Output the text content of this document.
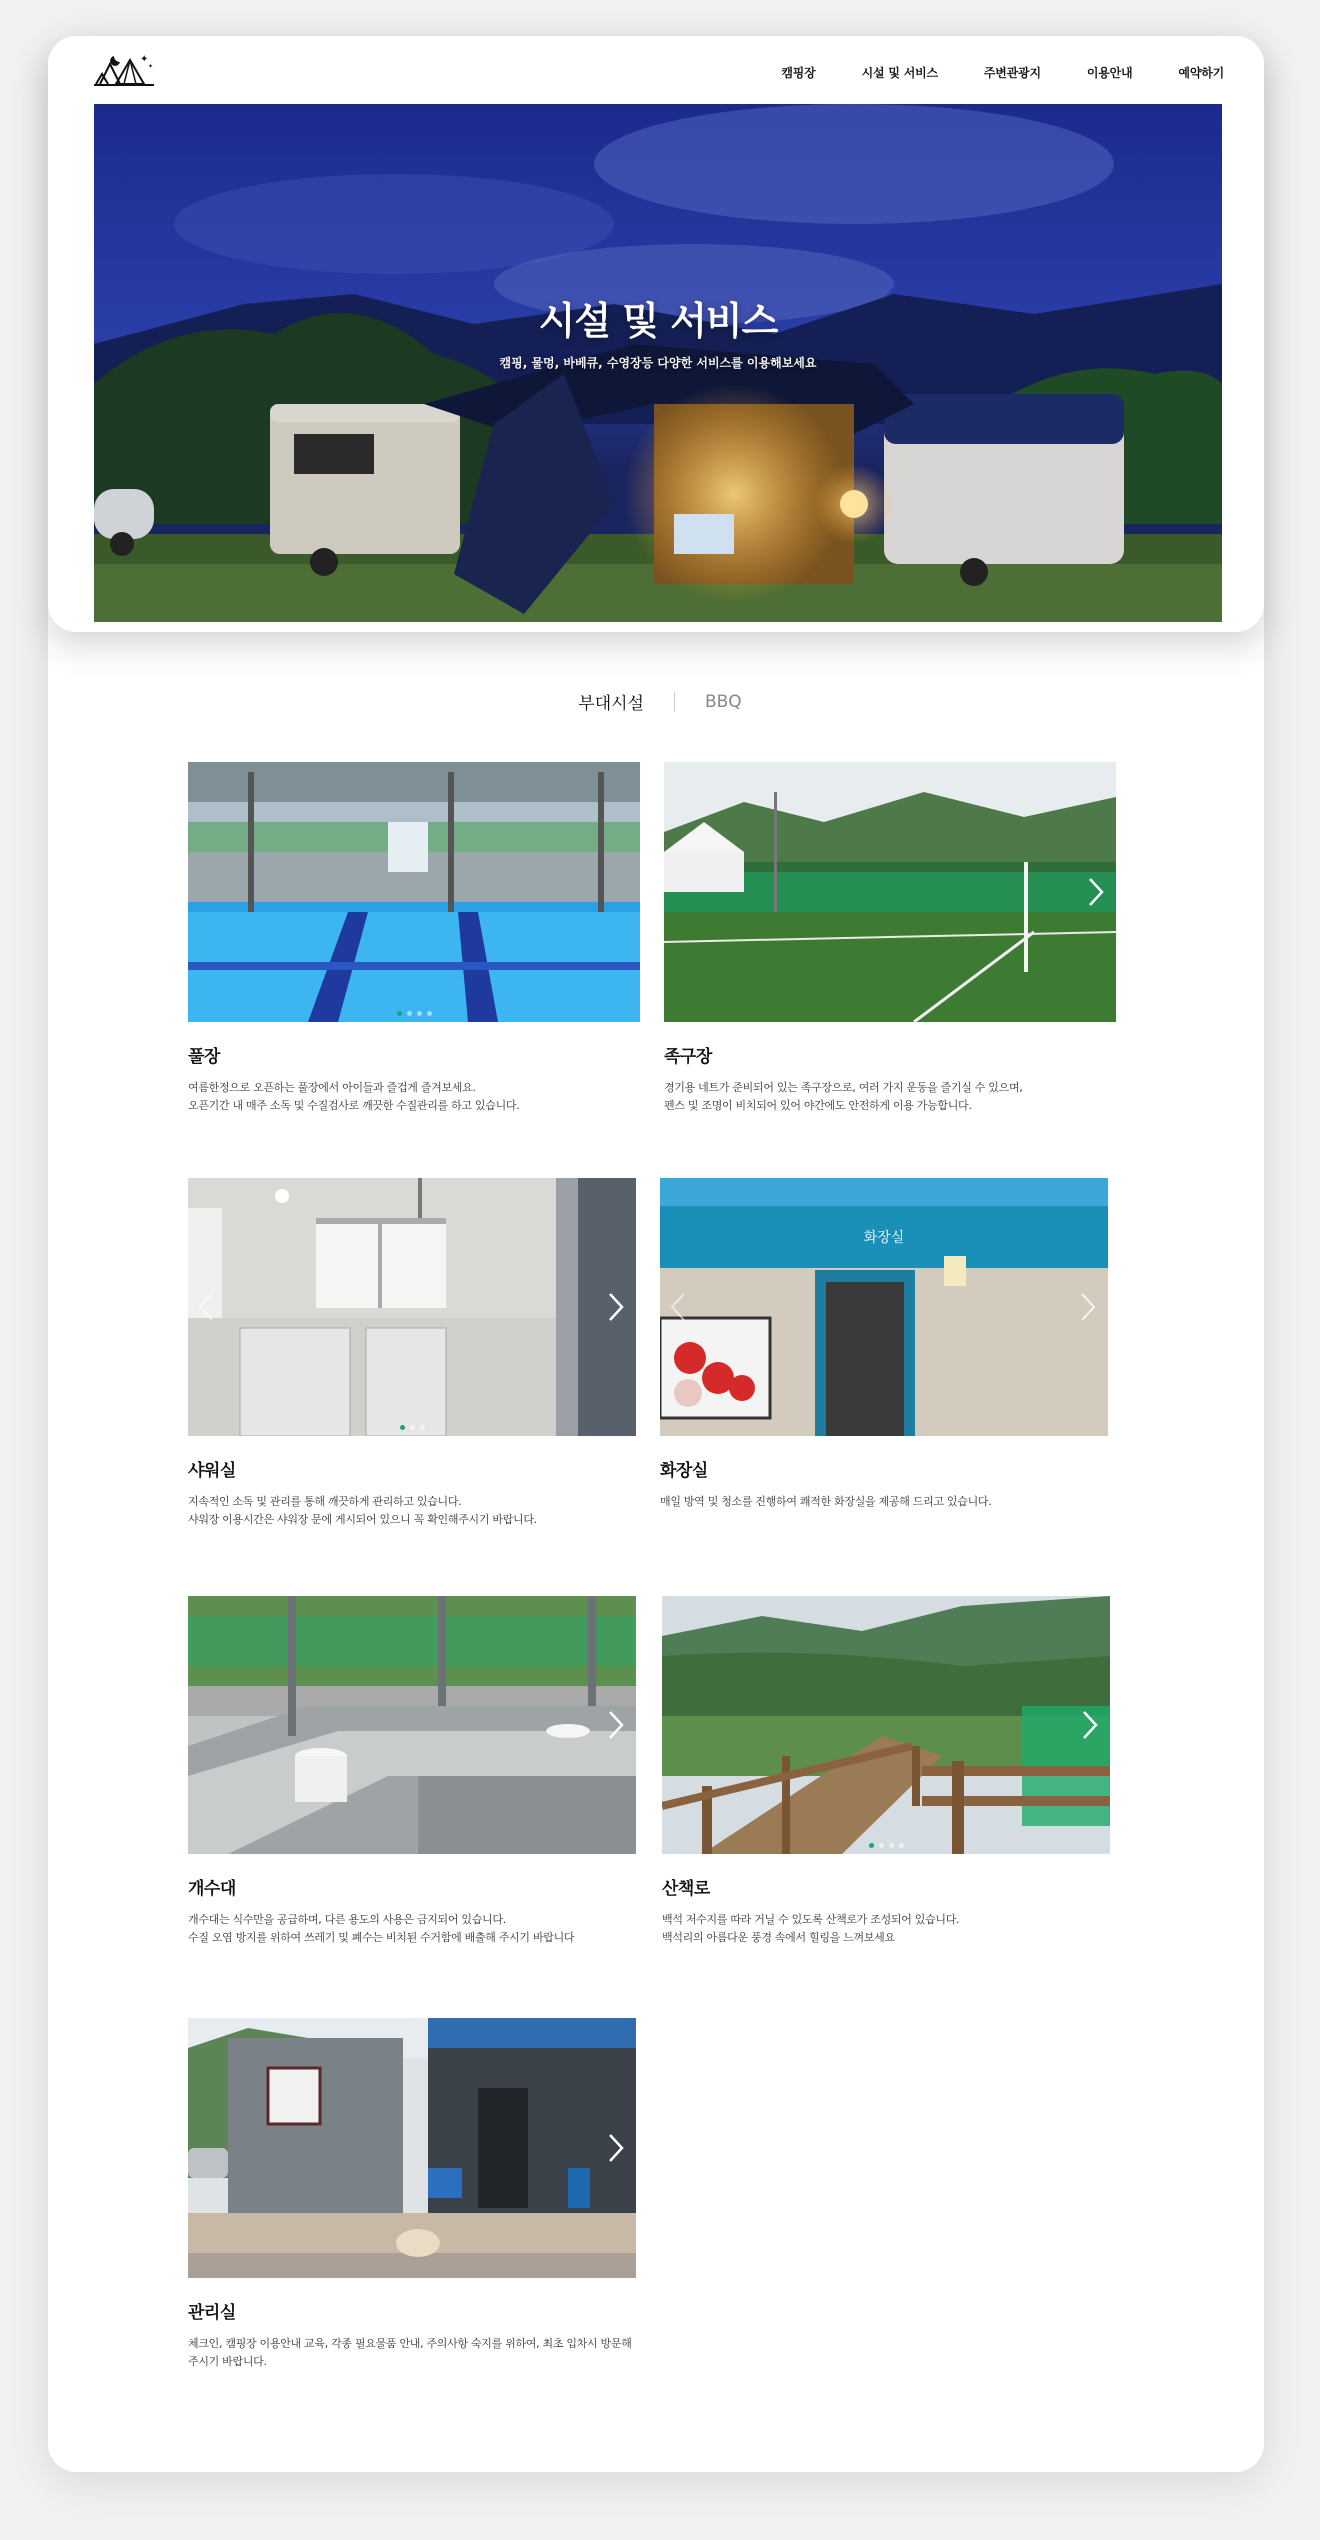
✦
✦	캠핑장	시설 및 서비스	주변관광지	이용안내	예약하기
시설 및 서비스
캠핑, 물멍, 바베큐, 수영장등 다양한 서비스를 이용해보세요
부대시설	BBQ
풀장

여름한정으로 오픈하는 풀장에서 아이들과 즐겁게 즐겨보세요.
오픈기간 내 매주 소독 및 수질검사로 깨끗한 수질관리를 하고 있습니다.

족구장

경기용 네트가 준비되어 있는 족구장으로, 여러 가지 운동을 즐기실 수 있으며,
펜스 및 조명이 비치되어 있어 야간에도 안전하게 이용 가능합니다.

샤워실

지속적인 소독 및 관리를 통해 깨끗하게 관리하고 있습니다.
샤워장 이용시간은 샤워장 문에 게시되어 있으니 꼭 확인해주시기 바랍니다.

화장실
화장실

매일 방역 및 청소를 진행하여 쾌적한 화장실을 제공해 드리고 있습니다.

개수대

개수대는 식수만을 공급하며, 다른 용도의 사용은 금지되어 있습니다.
수질 오염 방지를 위하여 쓰레기 및 폐수는 비치된 수거함에 배출해 주시기 바랍니다

산책로

백석 저수지를 따라 거닐 수 있도록 산책로가 조성되어 있습니다.
백석리의 아름다운 풍경 속에서 힐링을 느껴보세요

관리실

체크인, 캠핑장 이용안내 교육, 각종 필요물품 안내, 주의사항 숙지를 위하여, 최초 입차시 방문해
주시기 바랍니다.
